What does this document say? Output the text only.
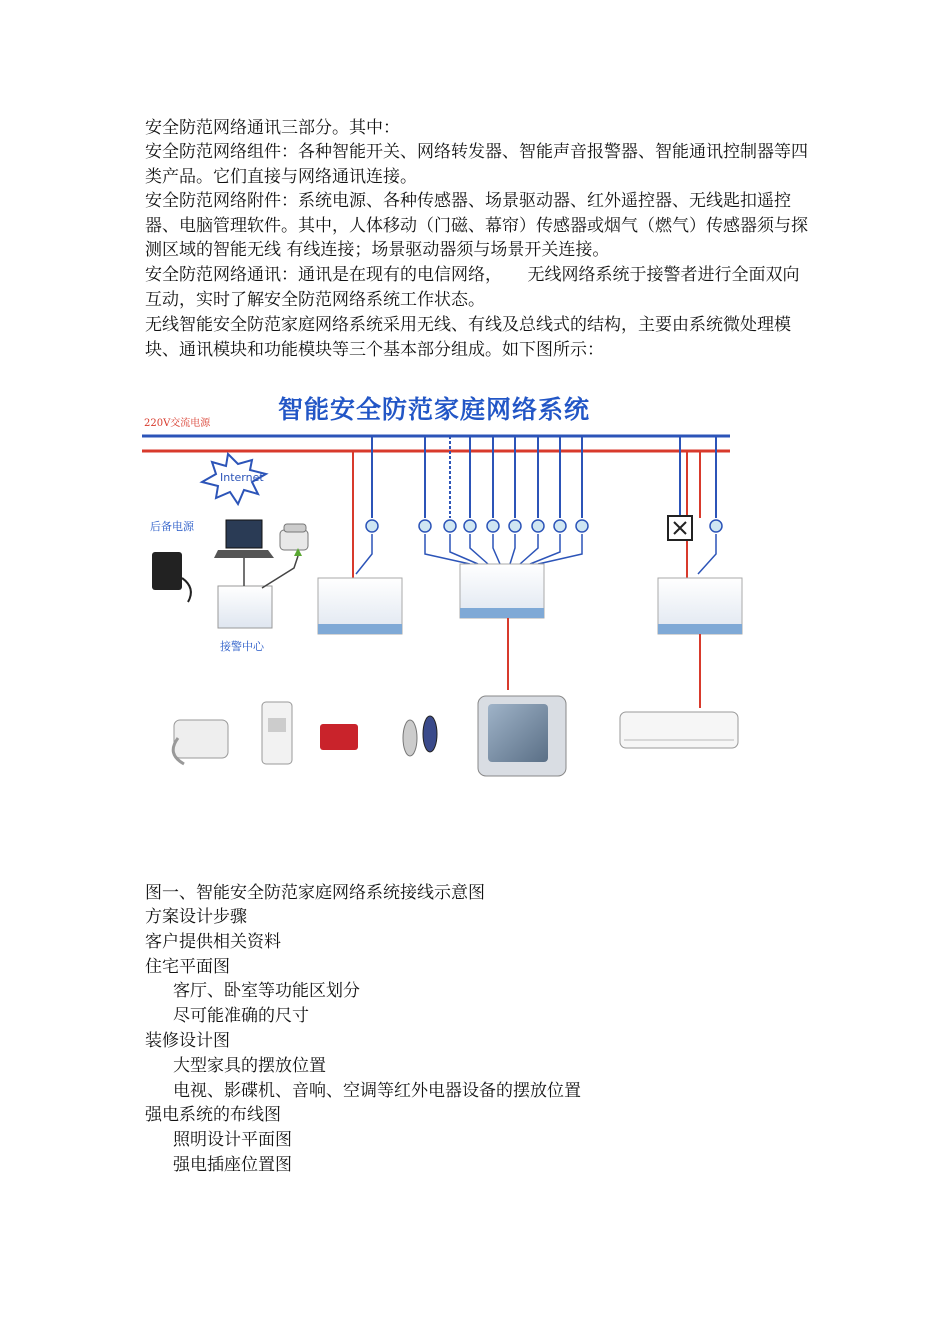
安全防范网络通讯三部分。其中：

安全防范网络组件：各种智能开关、网络转发器、智能声音报警器、智能通讯控制器等四类产品。它们直接与网络通讯连接。

安全防范网络附件：系统电源、各种传感器、场景驱动器、红外遥控器、无线匙扣遥控器、电脑管理软件。其中，人体移动（门磁、幕帘）传感器或烟气（燃气）传感器须与探测区域的智能无线 有线连接；场景驱动器须与场景开关连接。

安全防范网络通讯：通讯是在现有的电信网络，　　无线网络系统于接警者进行全面双向互动，实时了解安全防范网络系统工作状态。

无线智能安全防范家庭网络系统采用无线、有线及总线式的结构，主要由系统微处理模块、通讯模块和功能模块等三个基本部分组成。如下图所示：

智能安全防范家庭网络系统
220V交流电源
Internet
后备电源
接警中心
图一、智能安全防范家庭网络系统接线示意图
方案设计步骤
客户提供相关资料
住宅平面图
客厅、卧室等功能区划分
尽可能准确的尺寸
装修设计图
大型家具的摆放位置
电视、影碟机、音响、空调等红外电器设备的摆放位置
强电系统的布线图
照明设计平面图
强电插座位置图
